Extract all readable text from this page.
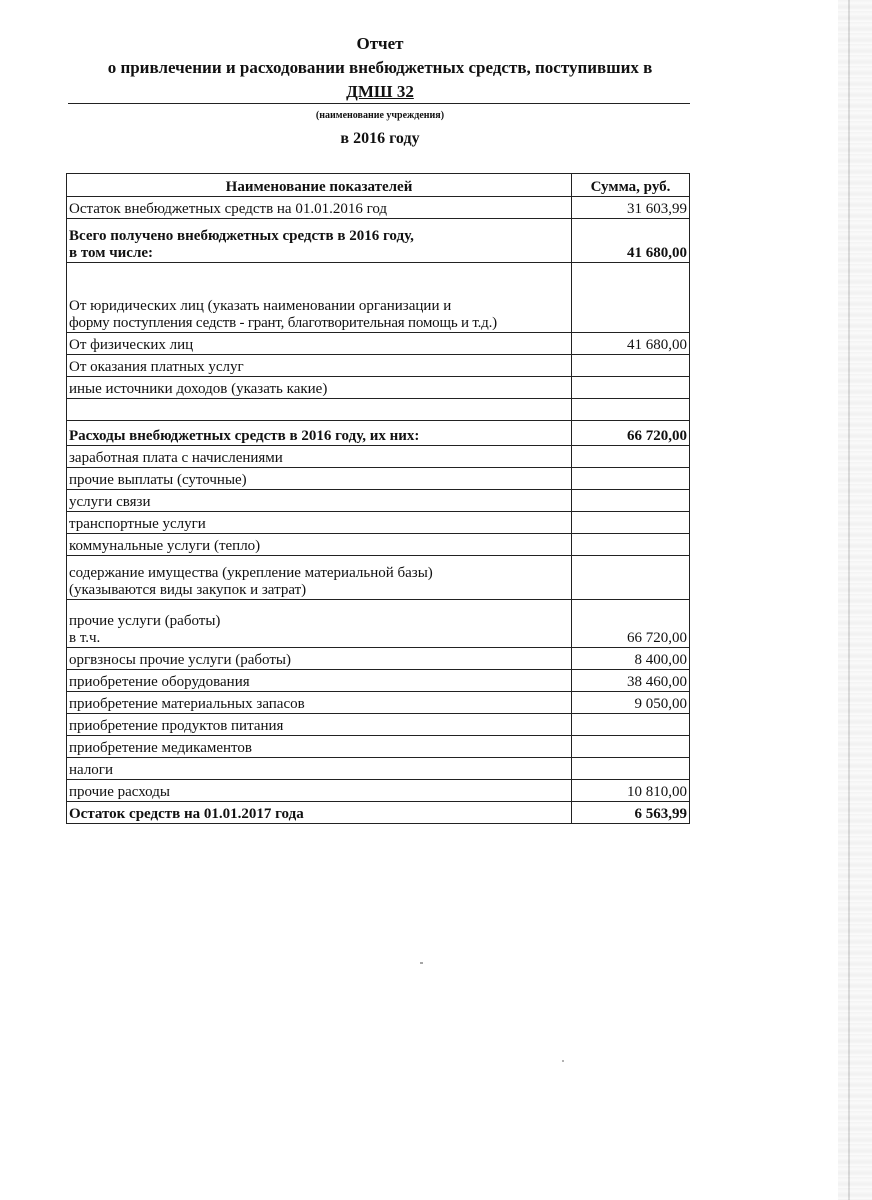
Отчет
о привлечении и расходовании внебюджетных средств, поступивших в
ДМШ 32
(наименование учреждения)
в 2016 году
Наименование показателей	Сумма, руб.
Остаток внебюджетных средств на 01.01.2016 год	31 603,99

Всего получено внебюджетных средств в 2016 году,
в том числе:	41 680,00

От юридических лиц (указать наименовании организации и
форму поступления седств - грант, благотворительная помощь и т.д.)	

От физических лиц	41 680,00
От оказания платных услуг	
иные источники доходов (указать какие)	

Расходы внебюджетных средств в 2016 году, их них:	66 720,00
заработная плата с начислениями	
прочие выплаты (суточные)	
услуги связи	
транспортные услуги	
коммунальные услуги (тепло)	

содержание имущества (укрепление материальной базы)
(указываются виды закупок и затрат)	

прочие услуги (работы)
в т.ч.	66 720,00
оргвзносы прочие услуги (работы)	8 400,00
приобретение оборудования	38 460,00
приобретение материальных запасов	9 050,00
приобретение продуктов питания	
приобретение медикаментов	
налоги	
прочие расходы	10 810,00
Остаток средств на 01.01.2017 года	6 563,99
